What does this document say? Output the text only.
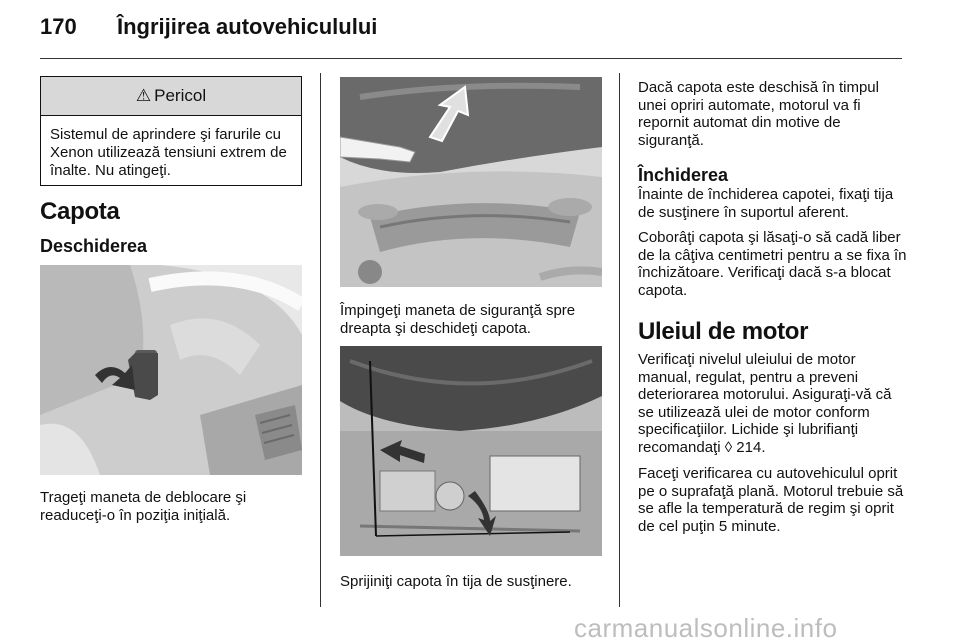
170 Îngrijirea autovehiculului
⚠ Pericol
Sistemul de aprindere şi farurile cu Xenon utilizează tensiuni extrem de înalte. Nu atingeţi.
Capota
Deschiderea
Trageţi maneta de deblocare şi readuceţi-o în poziţia iniţială.
Împingeţi maneta de siguranţă spre dreapta şi deschideţi capota.
Sprijiniţi capota în tija de susţinere.
Dacă capota este deschisă în timpul unei opriri automate, motorul va fi repornit automat din motive de siguranţă.
Închiderea
Înainte de închiderea capotei, fixaţi tija de susţinere în suportul aferent.
Coborâţi capota şi lăsaţi-o să cadă liber de la câţiva centimetri pentru a se fixa în închizătoare. Verificaţi dacă s-a blocat capota.
Uleiul de motor
Verificaţi nivelul uleiului de motor manual, regulat, pentru a preveni deteriorarea motorului. Asiguraţi-vă că se utilizează ulei de motor conform specificaţiilor. Lichide şi lubrifianţi recomandaţi ◊ 214.
Faceţi verificarea cu autovehiculul oprit pe o suprafaţă plană. Motorul trebuie să se afle la temperatură de regim şi oprit de cel puţin 5 minute.
carmanualsonline.info
